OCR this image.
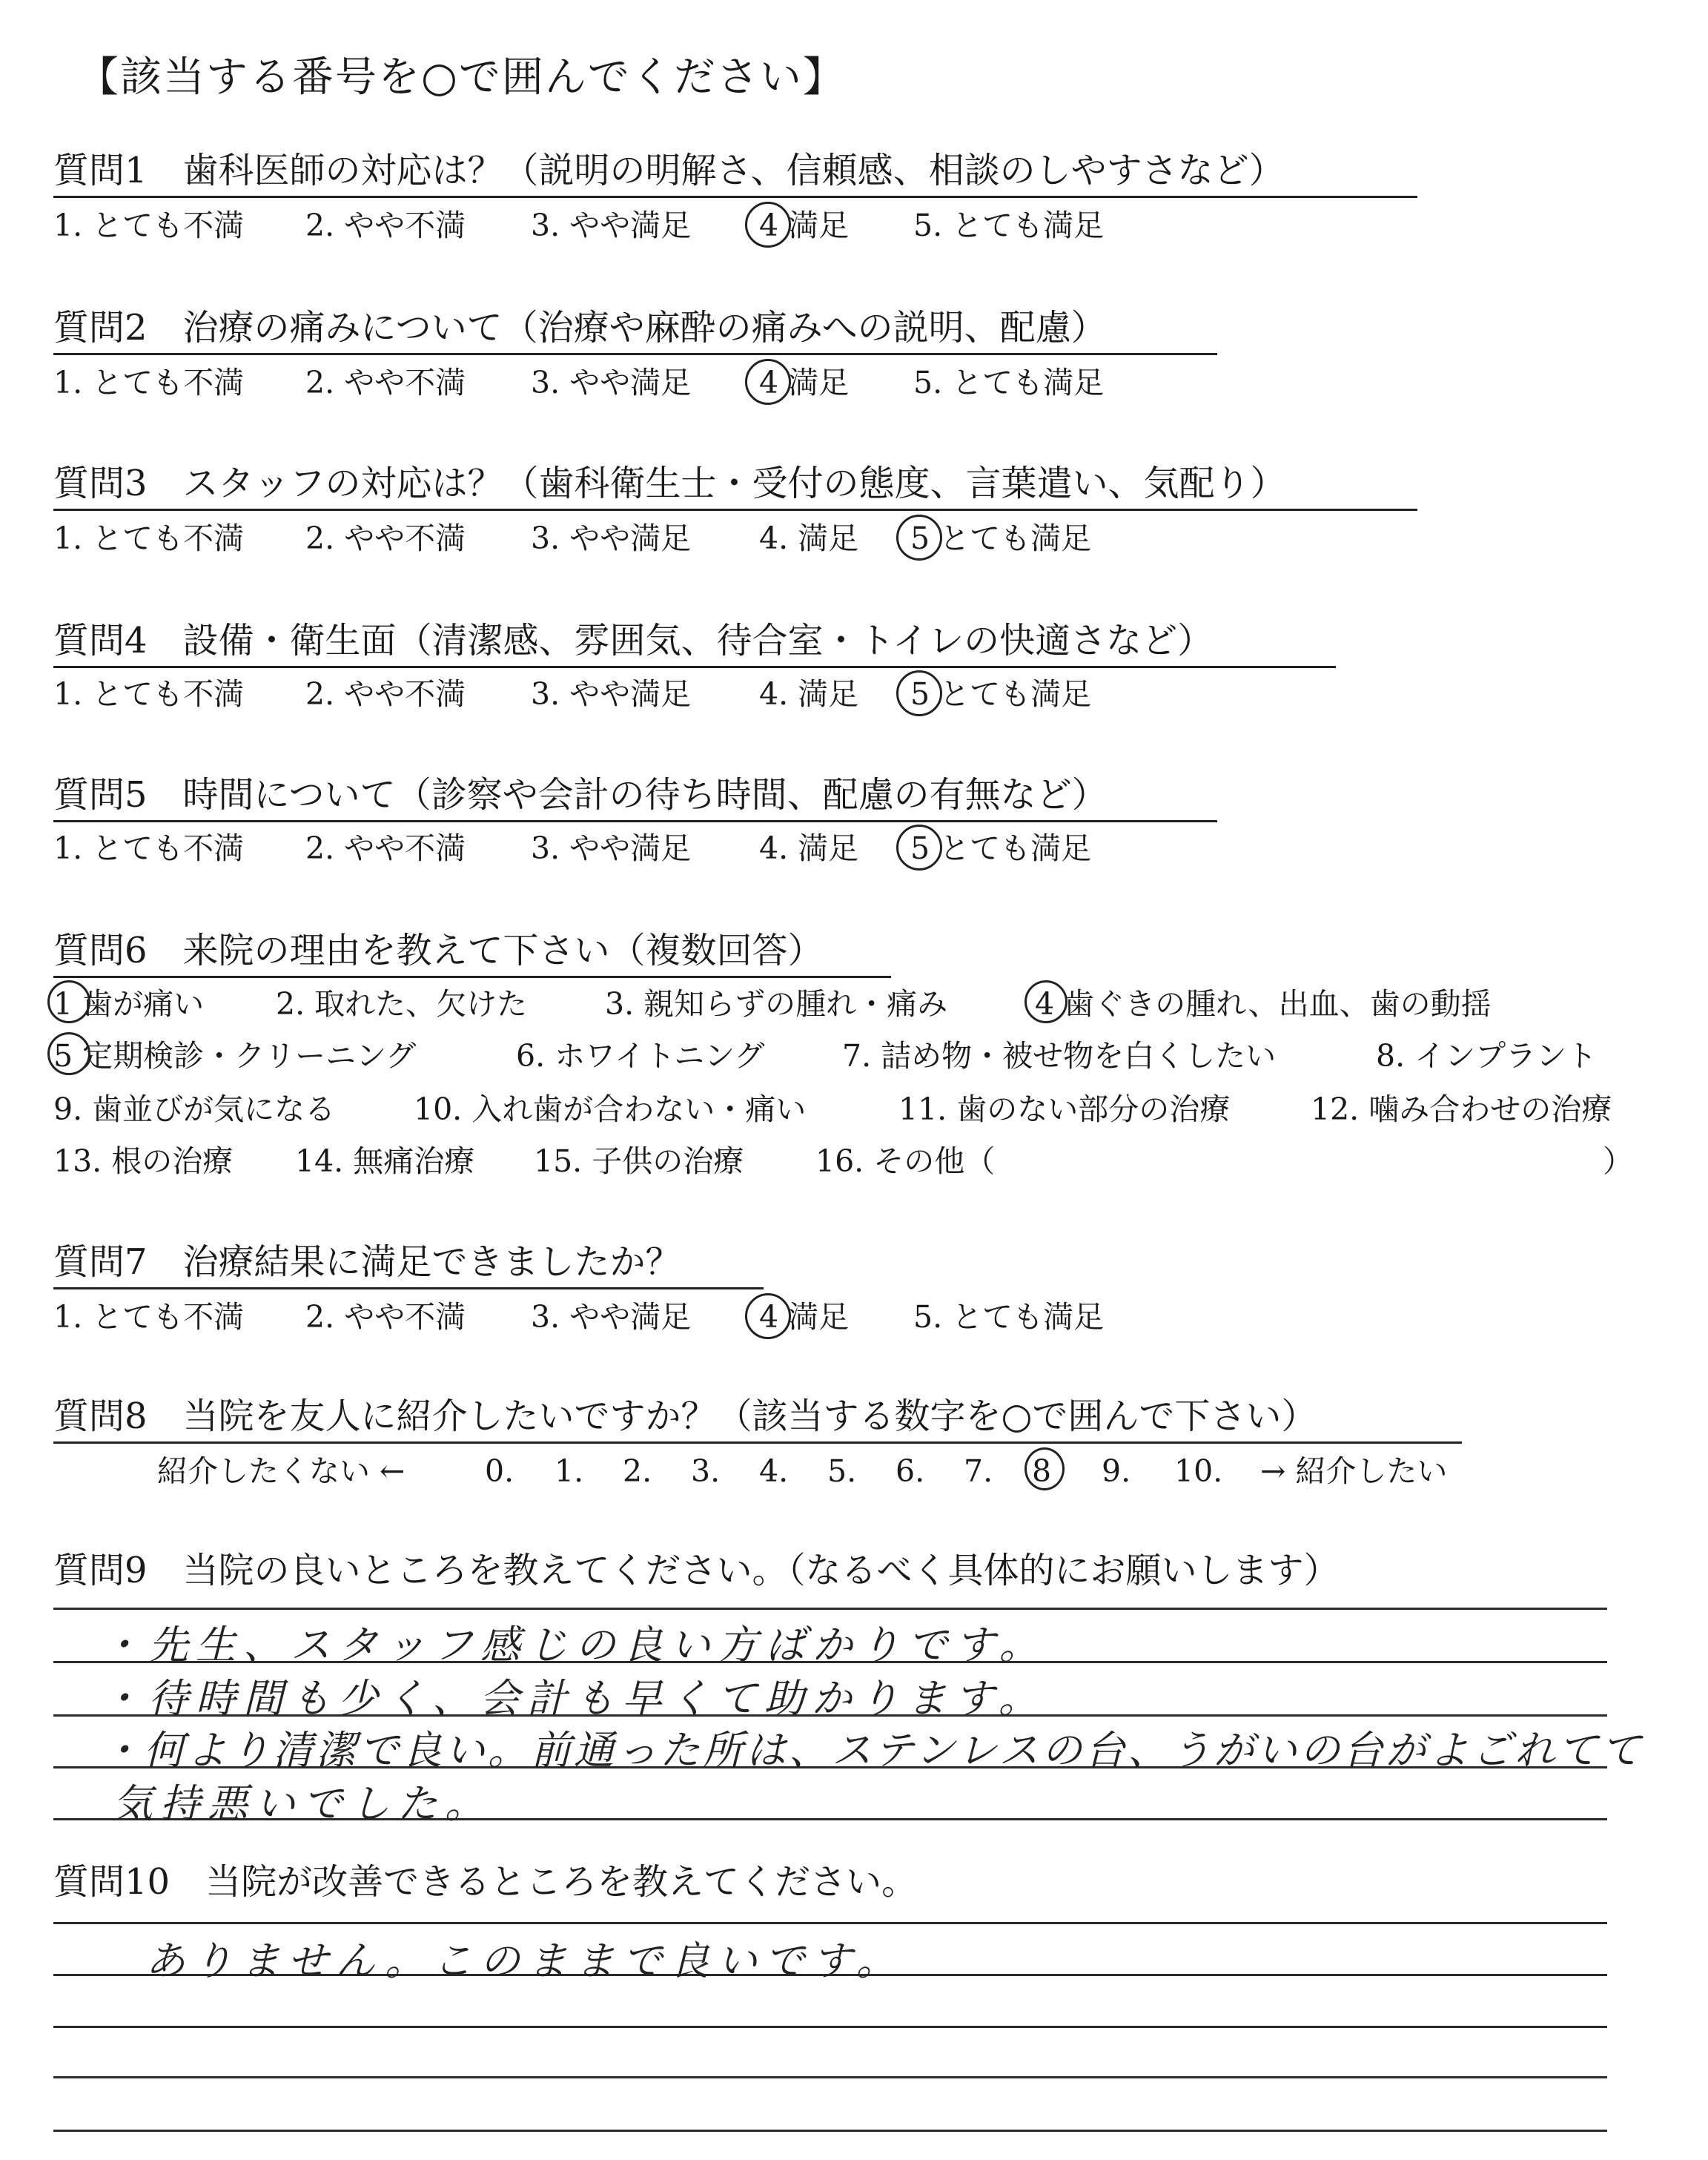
【該当する番号を○で囲んでください】
質問1　歯科医師の対応は？（説明の明解さ、信頼感、相談のしやすさなど）
1. とても不満 2. やや不満 3. やや満足 4 満足 5. とても満足
質問2　治療の痛みについて（治療や麻酔の痛みへの説明、配慮）
1. とても不満 2. やや不満 3. やや満足 4 満足 5. とても満足
質問3　スタッフの対応は？（歯科衛生士・受付の態度、言葉遣い、気配り）
1. とても不満 2. やや不満 3. やや満足 4. 満足 5 とても満足
質問4　設備・衛生面（清潔感、雰囲気、待合室・トイレの快適さなど）
1. とても不満 2. やや不満 3. やや満足 4. 満足 5 とても満足
質問5　時間について（診察や会計の待ち時間、配慮の有無など）
1. とても不満 2. やや不満 3. やや満足 4. 満足 5 とても満足
質問6　来院の理由を教えて下さい（複数回答）
1 歯が痛い 2. 取れた、欠けた	3. 親知らずの腫れ・痛み	4 歯ぐきの腫れ、出血、歯の動揺
5 定期検診・クリーニング	6. ホワイトニング	7. 詰め物・被せ物を白くしたい	8. インプラント
9. 歯並びが気になる	10. 入れ歯が合わない・痛い	11. 歯のない部分の治療	12. 噛み合わせの治療
13. 根の治療 14. 無痛治療 15. 子供の治療 16. その他（	）
質問7　治療結果に満足できましたか？
1. とても不満 2. やや不満 3. やや満足 4 満足 5. とても満足
質問8　当院を友人に紹介したいですか？（該当する数字を○で囲んで下さい）
紹介したくない ←	0. 1. 2. 3. 4. 5. 6. 7. 8 9. 10. → 紹介したい
質問9　当院の良いところを教えてください。（なるべく具体的にお願いします）
・先生、スタッフ感じの良い方ばかりです。
・待時間も少く、会計も早くて助かります。
・何より清潔で良い。前通った所は、ステンレスの台、うがいの台がよごれてて
気持悪いでした。
質問10　当院が改善できるところを教えてください。
ありません。このままで良いです。
